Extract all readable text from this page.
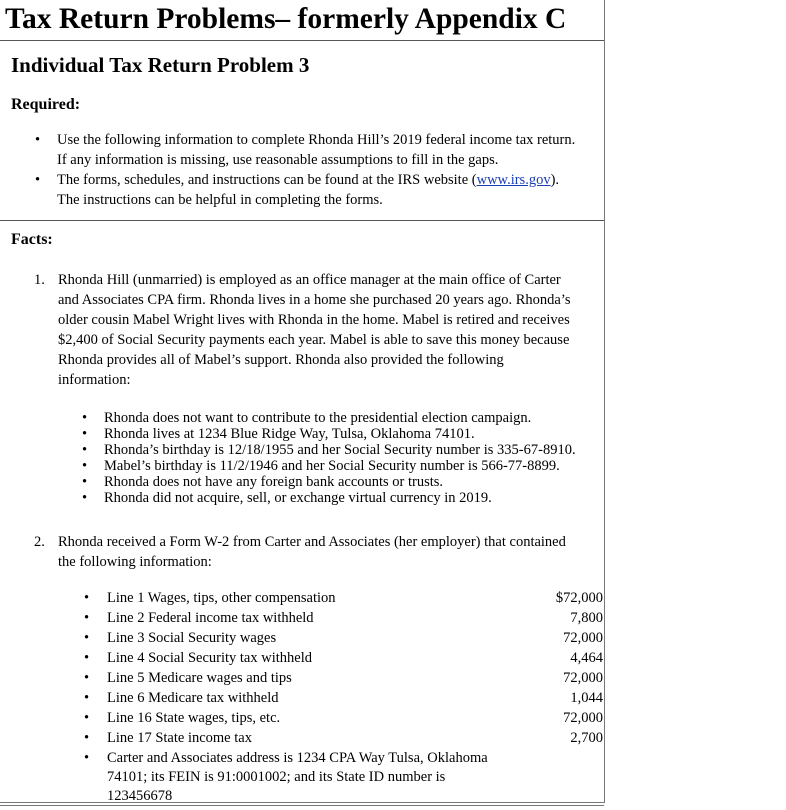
Tax Return Problems– formerly Appendix C
Individual Tax Return Problem 3
Required:
• Use the following information to complete Rhonda Hill’s 2019 federal income tax return.
If any information is missing, use reasonable assumptions to fill in the gaps.
• The forms, schedules, and instructions can be found at the IRS website (www.irs.gov).
The instructions can be helpful in completing the forms.
Facts:
1. Rhonda Hill (unmarried) is employed as an office manager at the main office of Carter
and Associates CPA firm. Rhonda lives in a home she purchased 20 years ago. Rhonda’s
older cousin Mabel Wright lives with Rhonda in the home. Mabel is retired and receives
$2,400 of Social Security payments each year. Mabel is able to save this money because
Rhonda provides all of Mabel’s support. Rhonda also provided the following
information:
• Rhonda does not want to contribute to the presidential election campaign.
• Rhonda lives at 1234 Blue Ridge Way, Tulsa, Oklahoma 74101.
• Rhonda’s birthday is 12/18/1955 and her Social Security number is 335-67-8910.
• Mabel’s birthday is 11/2/1946 and her Social Security number is 566-77-8899.
• Rhonda does not have any foreign bank accounts or trusts.
• Rhonda did not acquire, sell, or exchange virtual currency in 2019.
2. Rhonda received a Form W-2 from Carter and Associates (her employer) that contained
the following information:
• Line 1 Wages, tips, other compensation	$72,000
• Line 2 Federal income tax withheld	7,800
• Line 3 Social Security wages	72,000
• Line 4 Social Security tax withheld	4,464
• Line 5 Medicare wages and tips	72,000
• Line 6 Medicare tax withheld	1,044
• Line 16 State wages, tips, etc.	72,000
• Line 17 State income tax	2,700
• Carter and Associates address is 1234 CPA Way Tulsa, Oklahoma
74101; its FEIN is 91:0001002; and its State ID number is
123456678
